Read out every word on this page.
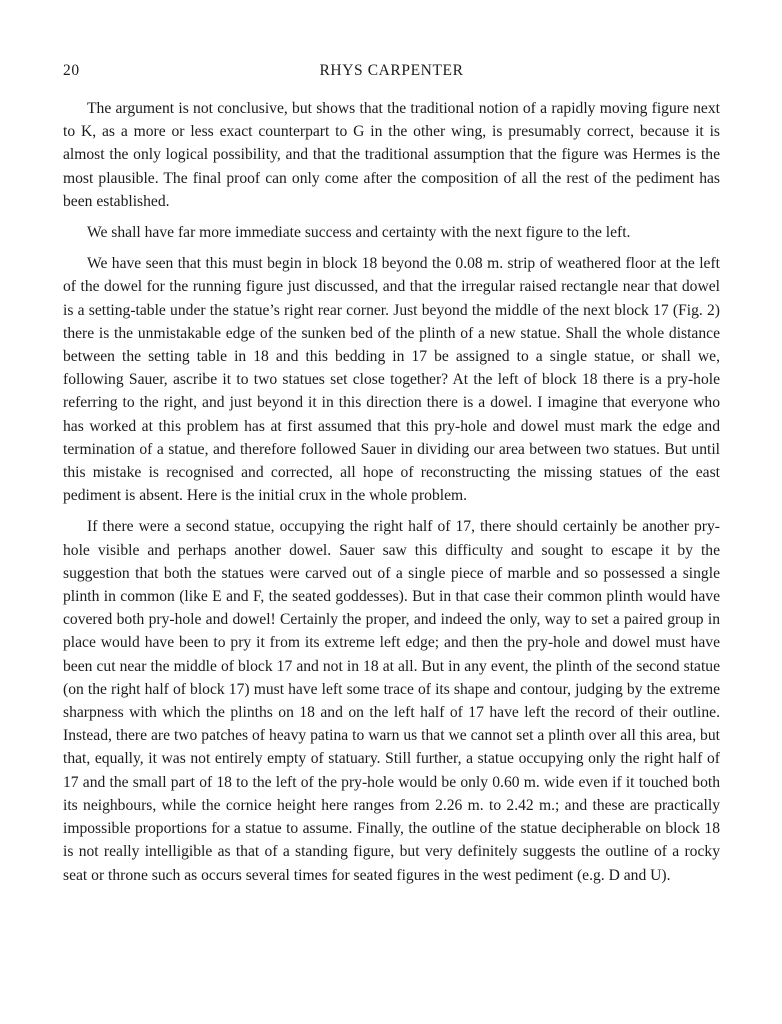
20	RHYS CARPENTER

The argument is not conclusive, but shows that the traditional notion of a rapidly moving figure next to K, as a more or less exact counterpart to G in the other wing, is presumably correct, because it is almost the only logical possibility, and that the traditional assumption that the figure was Hermes is the most plausible. The final proof can only come after the composition of all the rest of the pediment has been established.

We shall have far more immediate success and certainty with the next figure to the left.

We have seen that this must begin in block 18 beyond the 0.08 m. strip of weathered floor at the left of the dowel for the running figure just discussed, and that the irregular raised rectangle near that dowel is a setting-table under the statue’s right rear corner. Just beyond the middle of the next block 17 (Fig. 2) there is the unmistakable edge of the sunken bed of the plinth of a new statue. Shall the whole distance between the setting table in 18 and this bedding in 17 be assigned to a single statue, or shall we, following Sauer, ascribe it to two statues set close together? At the left of block 18 there is a pry-hole referring to the right, and just beyond it in this direction there is a dowel. I imagine that everyone who has worked at this problem has at first assumed that this pry-hole and dowel must mark the edge and termination of a statue, and therefore followed Sauer in dividing our area between two statues. But until this mistake is recognised and corrected, all hope of reconstructing the missing statues of the east pediment is absent. Here is the initial crux in the whole problem.

If there were a second statue, occupying the right half of 17, there should certainly be another pry-hole visible and perhaps another dowel. Sauer saw this difficulty and sought to escape it by the suggestion that both the statues were carved out of a single piece of marble and so possessed a single plinth in common (like E and F, the seated goddesses). But in that case their common plinth would have covered both pry-hole and dowel! Certainly the proper, and indeed the only, way to set a paired group in place would have been to pry it from its extreme left edge; and then the pry-hole and dowel must have been cut near the middle of block 17 and not in 18 at all. But in any event, the plinth of the second statue (on the right half of block 17) must have left some trace of its shape and contour, judging by the extreme sharpness with which the plinths on 18 and on the left half of 17 have left the record of their outline. Instead, there are two patches of heavy patina to warn us that we cannot set a plinth over all this area, but that, equally, it was not entirely empty of statuary. Still further, a statue occupying only the right half of 17 and the small part of 18 to the left of the pry-hole would be only 0.60 m. wide even if it touched both its neighbours, while the cornice height here ranges from 2.26 m. to 2.42 m.; and these are practically impossible proportions for a statue to assume. Finally, the outline of the statue decipherable on block 18 is not really intelligible as that of a standing figure, but very definitely suggests the outline of a rocky seat or throne such as occurs several times for seated figures in the west pediment (e.g. D and U).
